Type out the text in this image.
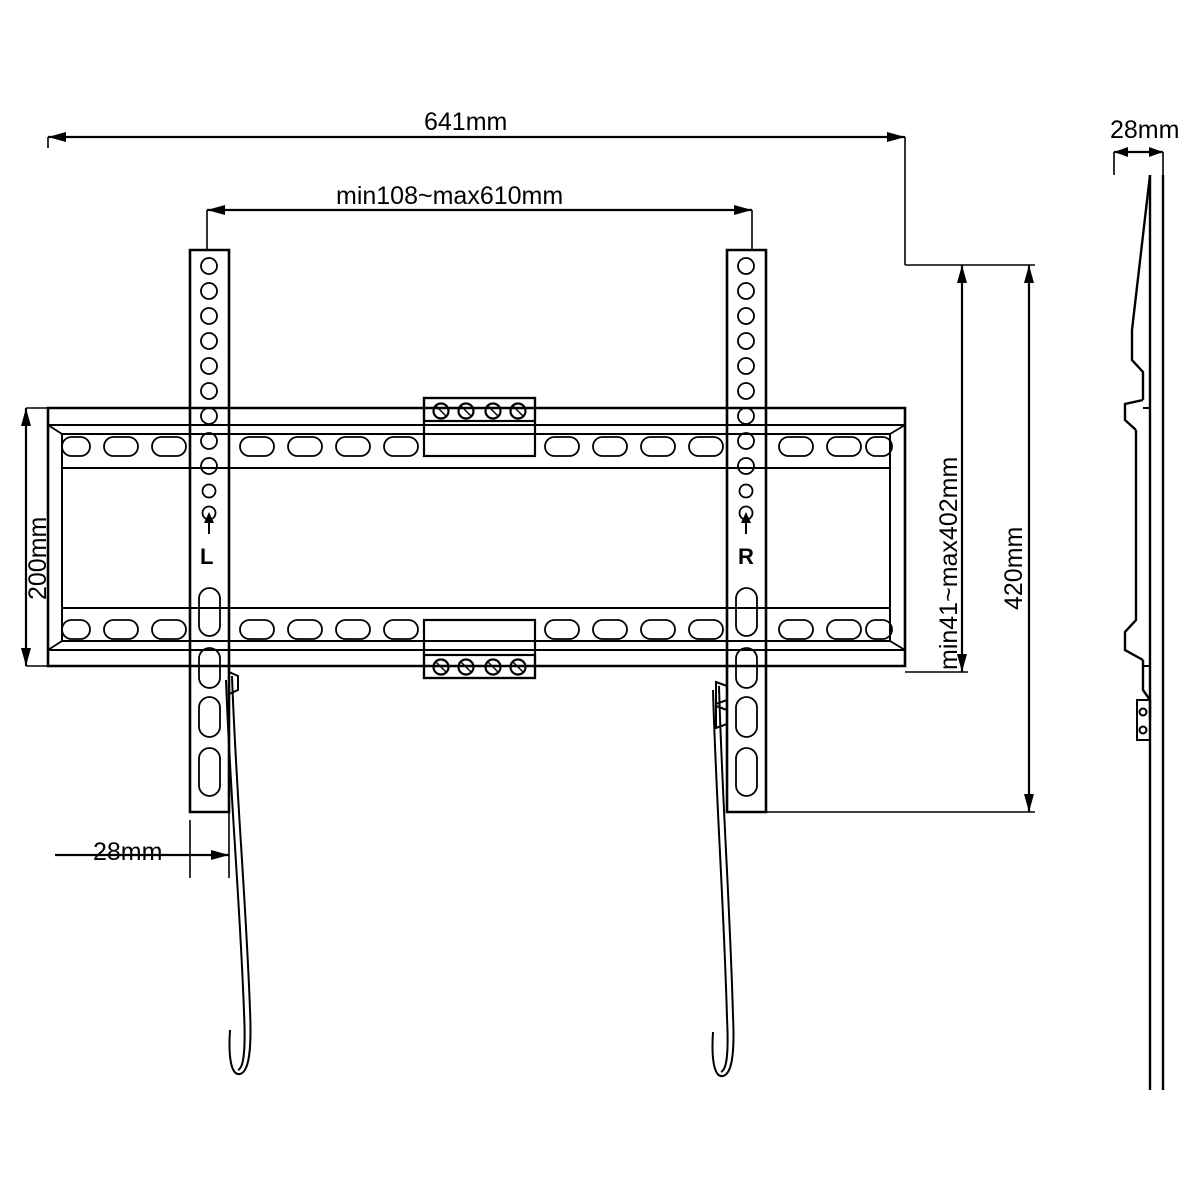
641mm
min108~max610mm
200mm
28mm
420mm
min41~max402mm
28mm
L	R
